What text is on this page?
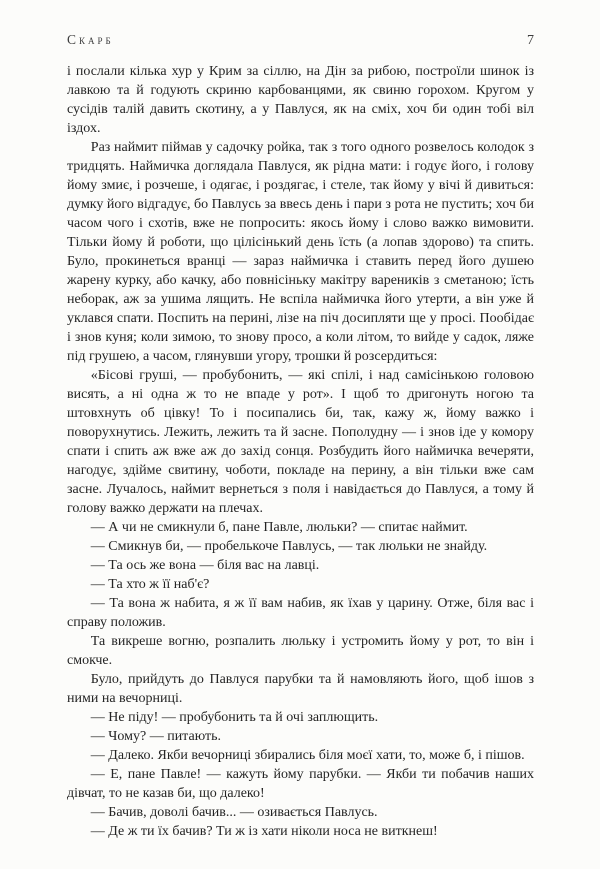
Скарб	7

і послали кілька хур у Крим за сіллю, на Дін за рибою, построїли шинок із лавкою та й годують скриню карбованцями, як свиню горохом. Кругом у сусідів талій давить скотину, а у Павлуся, як на сміх, хоч би один тобі віл іздох.

Раз наймит піймав у садочку ройка, так з того одного розвелось колодок з тридцять. Наймичка доглядала Павлуся, як рідна мати: і годує його, і голову йому змиє, і розчеше, і одягає, і роздягає, і стеле, так йому у вічі й дивиться: думку його відгадує, бо Павлусь за ввесь день і пари з рота не пустить; хоч би часом чого і схотів, вже не попросить: якось йому і слово важко вимовити. Тільки йому й роботи, що цілісінький день їсть (а лопав здорово) та спить. Було, прокинеться вранці — зараз наймичка і ставить перед його душею жарену курку, або качку, або повнісіньку макітру вареників з сметаною; їсть неборак, аж за ушима лящить. Не вспіла наймичка його утерти, а він уже й уклався спати. Поспить на перині, лізе на піч досипляти ще у просі. Пообідає і знов куня; коли зимою, то знову просо, а коли літом, то вийде у садок, ляже під грушею, а часом, глянувши угору, трошки й розсердиться:

«Бісові груші, — пробубонить, — які спілі, і над самісінькою головою висять, а ні одна ж то не впаде у рот». І щоб то дригонуть ногою та штовхнуть об цівку! То і посипались би, так, кажу ж, йому важко і поворухнутись. Лежить, лежить та й засне. Пополудну — і знов іде у комору спати і спить аж вже аж до захід сонця. Розбудить його наймичка вечеряти, нагодує, здійме свитину, чоботи, покладе на перину, а він тільки вже сам засне. Лучалось, наймит вернеться з поля і навідається до Павлуся, а тому й голову важко держати на плечах.

— А чи не смикнули б, пане Павле, люльки? — спитає наймит.

— Смикнув би, — пробелькоче Павлусь, — так люльки не знайду.

— Та ось же вона — біля вас на лавці.

— Та хто ж її наб'є?

— Та вона ж набита, я ж її вам набив, як їхав у царину. Отже, біля вас і справу положив.

Та викреше вогню, розпалить люльку і устромить йому у рот, то він і смокче.

Було, прийдуть до Павлуся парубки та й намовляють його, щоб ішов з ними на вечорниці.

— Не піду! — пробубонить та й очі заплющить.

— Чому? — питають.

— Далеко. Якби вечорниці збирались біля моєї хати, то, може б, і пішов.

— Е, пане Павле! — кажуть йому парубки. — Якби ти побачив наших дівчат, то не казав би, що далеко!

— Бачив, доволі бачив... — озивається Павлусь.

— Де ж ти їх бачив? Ти ж із хати ніколи носа не виткнеш!
